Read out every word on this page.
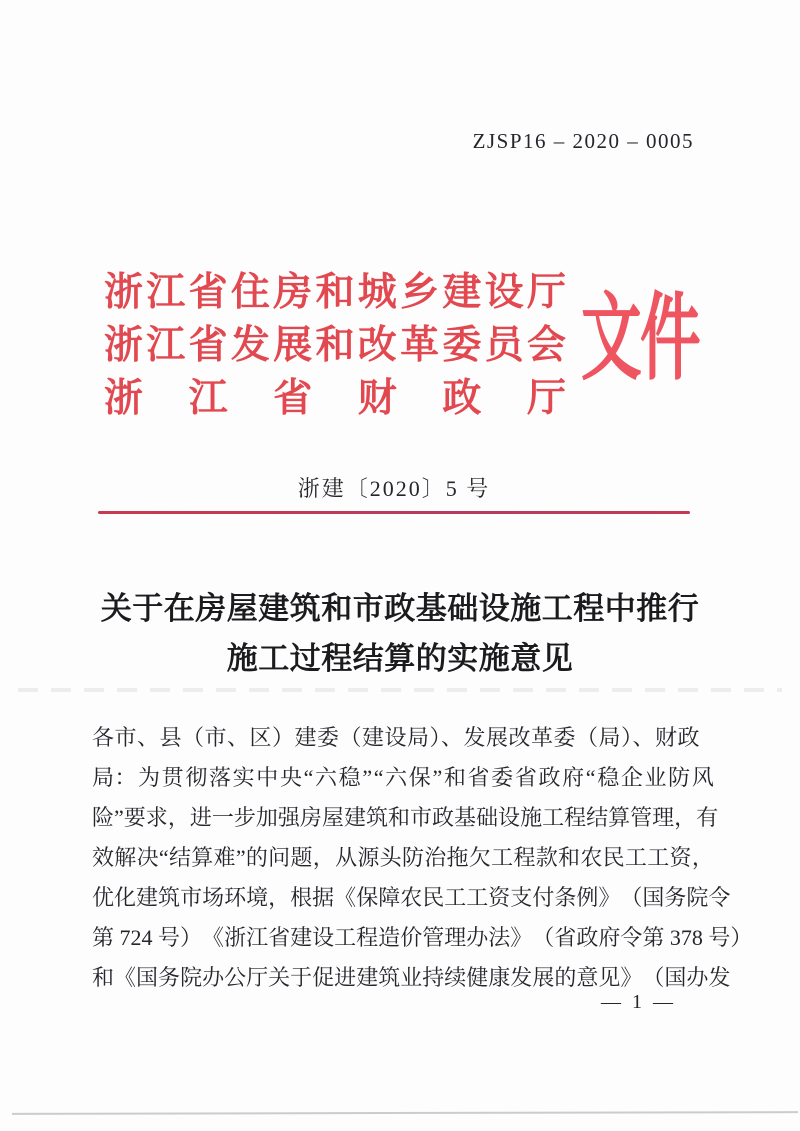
ZJSP16 – 2020 – 0005
浙 江 省 住 房 和 城 乡 建 设 厅
浙 江 省 发 展 和 改 革 委 员 会
浙 江 省 财 政 厅
文件
浙建〔2020〕5 号
关于在房屋建筑和市政基础设施工程中推行
施工过程结算的实施意见
各市、县（市、区）建委（建设局）、发展改革委（局）、财政局： 为 贯 彻 落 实 中 央 “ 六 稳 ” “ 六 保 ” 和 省 委 省 政 府 “ 稳 企 业 防 风
险 ” 要 求 ， 进 一 步 加 强 房 屋 建 筑 和 市 政 基 础 设 施 工 程 结 算 管 理 ， 有
效 解 决 “ 结 算 难 ” 的 问 题 ， 从 源 头 防 治 拖 欠 工 程 款 和 农 民 工 工 资 ，
优 化 建 筑 市 场 环 境 ， 根 据 《 保 障 农 民 工 工 资 支 付 条 例 》 （ 国 务 院 令
第
724
号 ） 《 浙 江 省 建 设 工 程 造 价 管 理 办 法 》 （ 省 政 府 令 第
378
号 ）
和 《 国 务 院 办 公 厅 关 于 促 进 建 筑 业 持 续 健 康 发 展 的 意 见 》 （ 国 办 发
— 1 —
